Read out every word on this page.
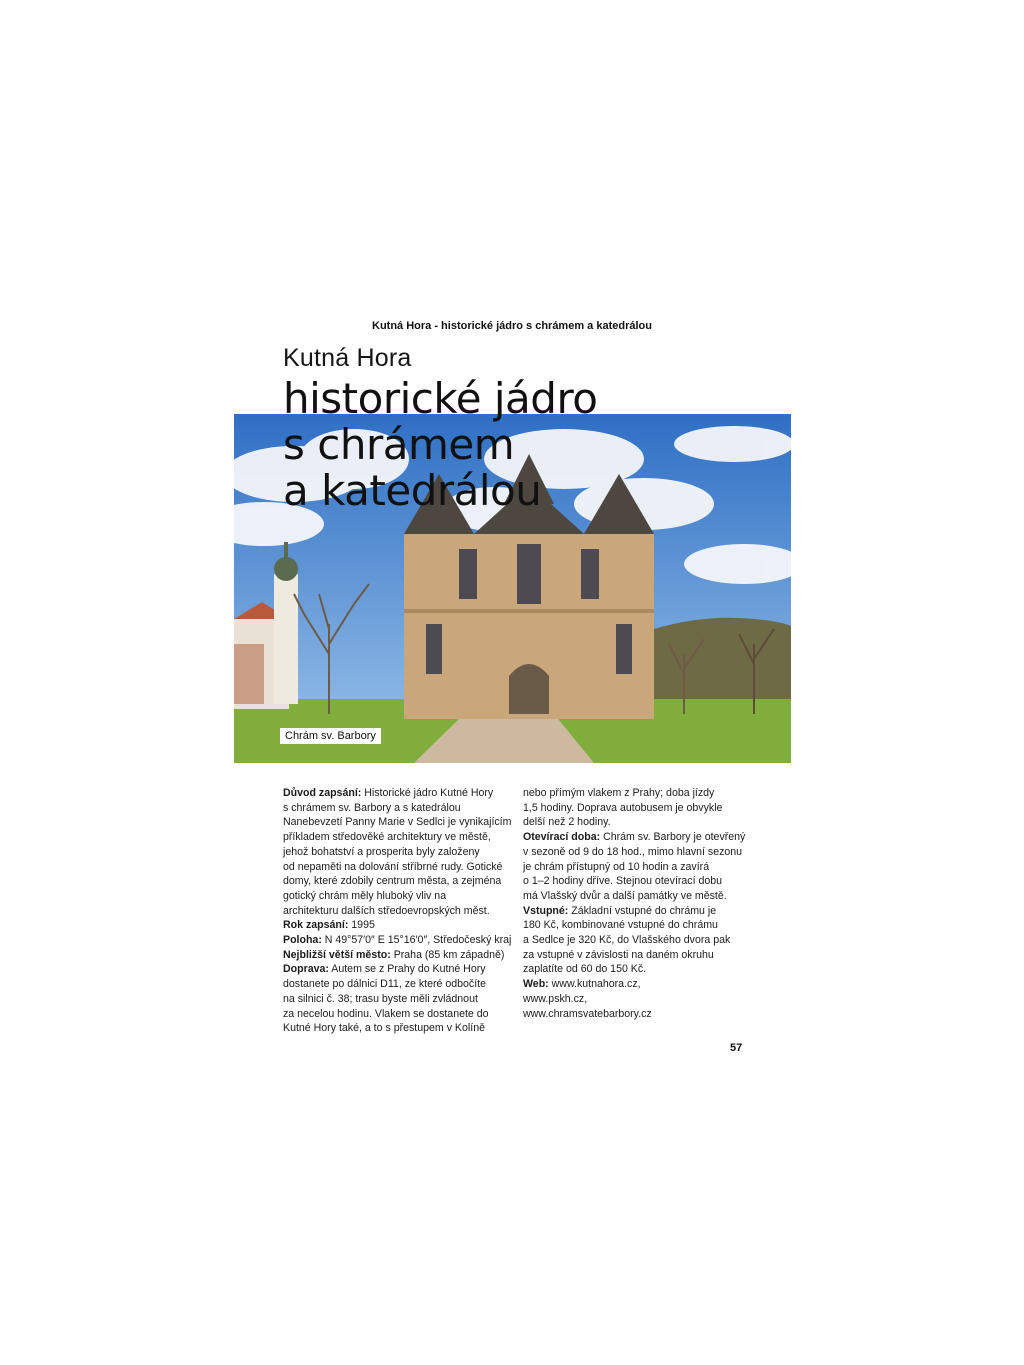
Kutná Hora - historické jádro s chrámem a katedrálou
Kutná Hora
historické jádro
s chrámem
a katedrálou
Chrám sv. Barbory
Důvod zapsání: Historické jádro Kutné Hory
s chrámem sv. Barbory a s katedrálou
Nanebevzetí Panny Marie v Sedlci je vynikajícím
příkladem středověké architektury ve městě,
jehož bohatství a prosperita byly založeny
od nepaměti na dolování stříbrné rudy. Gotické
domy, které zdobily centrum města, a zejména
gotický chrám měly hluboký vliv na
architekturu dalších středoevropských měst.
Rok zapsání: 1995
Poloha: N 49°57′0″ E 15°16′0″, Středočeský kraj
Nejbližší větší město: Praha (85 km západně)
Doprava: Autem se z Prahy do Kutné Hory
dostanete po dálnici D11, ze které odbočíte
na silnici č. 38; trasu byste měli zvládnout
za necelou hodinu. Vlakem se dostanete do
Kutné Hory také, a to s přestupem v Kolíně
nebo přímým vlakem z Prahy; doba jízdy
1,5 hodiny. Doprava autobusem je obvykle
delší než 2 hodiny.
Otevírací doba: Chrám sv. Barbory je otevřený
v sezoně od 9 do 18 hod., mimo hlavní sezonu
je chrám přístupný od 10 hodin a zavírá
o 1–2 hodiny dříve. Stejnou otevírací dobu
má Vlašský dvůr a další památky ve městě.
Vstupné: Základní vstupné do chrámu je
180 Kč, kombinované vstupné do chrámu
a Sedlce je 320 Kč, do Vlašského dvora pak
za vstupné v závislosti na daném okruhu
zaplatíte od 60 do 150 Kč.
Web: www.kutnahora.cz,
www.pskh.cz,
www.chramsvatebarbory.cz
57
